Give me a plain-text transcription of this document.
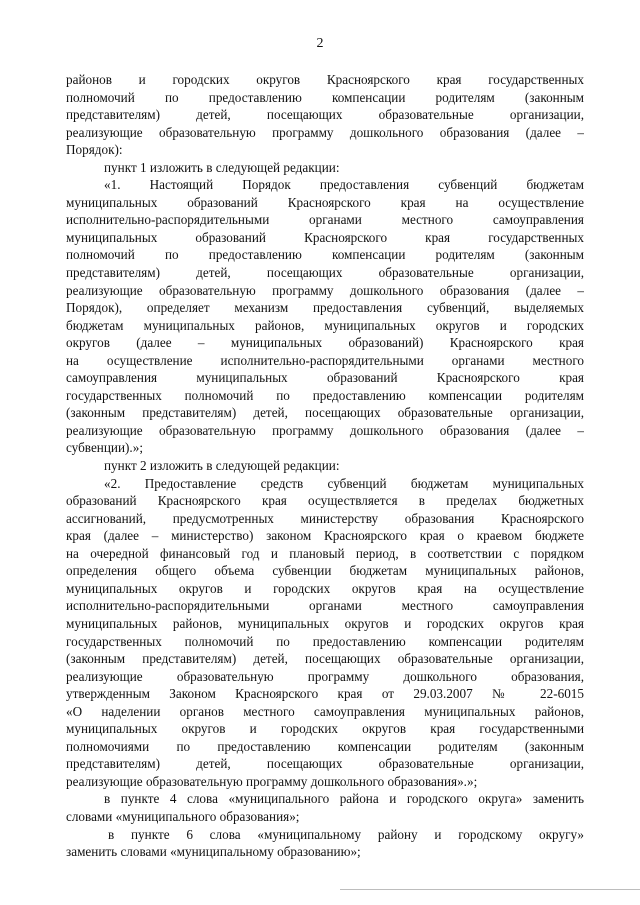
2
районов и городских округов Красноярского края государственных
полномочий по предоставлению компенсации родителям (законным
представителям) детей, посещающих образовательные организации,
реализующие образовательную программу дошкольного образования (далее –
Порядок):
пункт 1 изложить в следующей редакции:
«1. Настоящий Порядок предоставления субвенций бюджетам
муниципальных образований Красноярского края на осуществление
исполнительно-распорядительными органами местного самоуправления
муниципальных образований Красноярского края государственных
полномочий по предоставлению компенсации родителям (законным
представителям) детей, посещающих образовательные организации,
реализующие образовательную программу дошкольного образования (далее –
Порядок), определяет механизм предоставления субвенций, выделяемых
бюджетам муниципальных районов, муниципальных округов и городских
округов (далее – муниципальных образований) Красноярского края
на осуществление исполнительно-распорядительными органами местного
самоуправления муниципальных образований Красноярского края
государственных полномочий по предоставлению компенсации родителям
(законным представителям) детей, посещающих образовательные организации,
реализующие образовательную программу дошкольного образования (далее –
субвенции).»;
пункт 2 изложить в следующей редакции:
«2. Предоставление средств субвенций бюджетам муниципальных
образований Красноярского края осуществляется в пределах бюджетных
ассигнований, предусмотренных министерству образования Красноярского
края (далее – министерство) законом Красноярского края о краевом бюджете
на очередной финансовый год и плановый период, в соответствии с порядком
определения общего объема субвенции бюджетам муниципальных районов,
муниципальных округов и городских округов края на осуществление
исполнительно-распорядительными органами местного самоуправления
муниципальных районов, муниципальных округов и городских округов края
государственных полномочий по предоставлению компенсации родителям
(законным представителям) детей, посещающих образовательные организации,
реализующие образовательную программу дошкольного образования,
утвержденным Законом Красноярского края от 29.03.2007 № 22-6015
«О наделении органов местного самоуправления муниципальных районов,
муниципальных округов и городских округов края государственными
полномочиями по предоставлению компенсации родителям (законным
представителям) детей, посещающих образовательные организации,
реализующие образовательную программу дошкольного образования».»;
в пункте 4 слова «муниципального района и городского округа» заменить
словами «муниципального образования»;
в пункте 6 слова «муниципальному району и городскому округу»
заменить словами «муниципальному образованию»;
